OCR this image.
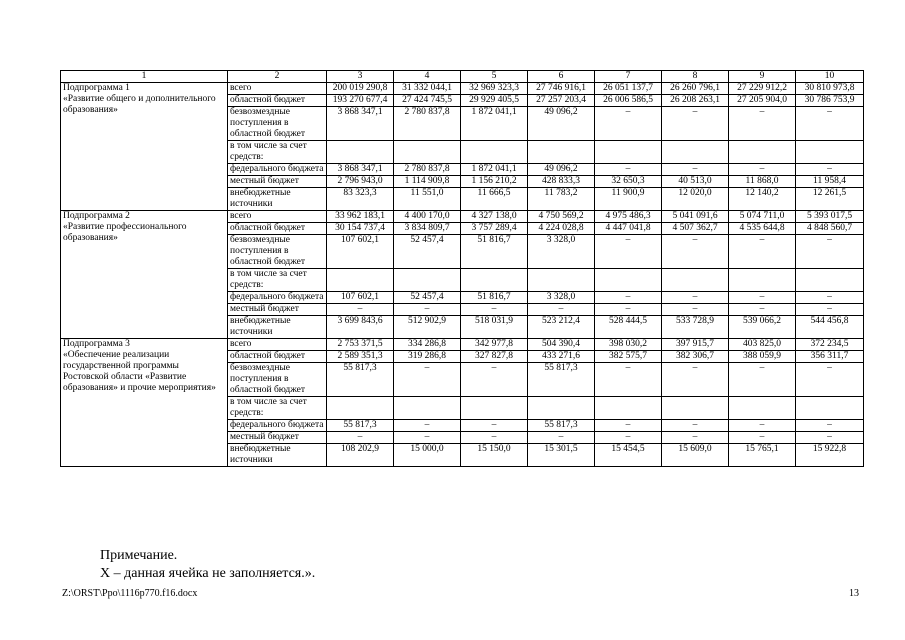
1	2	3	4	5	6	7	8	9	10
Подпрограмма 1
«Развитие общего и дополнительного образования»	всего	200 019 290,8	31 332 044,1	32 969 323,3	27 746 916,1	26 051 137,7	26 260 796,1	27 229 912,2	30 810 973,8
	областной бюджет	193 270 677,4	27 424 745,5	29 929 405,5	27 257 203,4	26 006 586,5	26 208 263,1	27 205 904,0	30 786 753,9
	безвозмездные поступления в областной бюджет	3 868 347,1	2 780 837,8	1 872 041,1	49 096,2	–	–	–	–
	в том числе за счет средств:								
	федерального бюджета	3 868 347,1	2 780 837,8	1 872 041,1	49 096,2	–	–	–	–
	местный бюджет	2 796 943,0	1 114 909,8	1 156 210,2	428 833,3	32 650,3	40 513,0	11 868,0	11 958,4
	внебюджетные источники	83 323,3	11 551,0	11 666,5	11 783,2	11 900,9	12 020,0	12 140,2	12 261,5
Подпрограмма 2
«Развитие профессионального образования»	всего	33 962 183,1	4 400 170,0	4 327 138,0	4 750 569,2	4 975 486,3	5 041 091,6	5 074 711,0	5 393 017,5
	областной бюджет	30 154 737,4	3 834 809,7	3 757 289,4	4 224 028,8	4 447 041,8	4 507 362,7	4 535 644,8	4 848 560,7
	безвозмездные поступления в областной бюджет	107 602,1	52 457,4	51 816,7	3 328,0	–	–	–	–
	в том числе за счет средств:								
	федерального бюджета	107 602,1	52 457,4	51 816,7	3 328,0	–	–	–	–
	местный бюджет	–	–	–	–	–	–	–	–
	внебюджетные источники	3 699 843,6	512 902,9	518 031,9	523 212,4	528 444,5	533 728,9	539 066,2	544 456,8
Подпрограмма 3
«Обеспечение реализации государственной программы Ростовской области «Развитие образования» и прочие мероприятия»	всего	2 753 371,5	334 286,8	342 977,8	504 390,4	398 030,2	397 915,7	403 825,0	372 234,5
	областной бюджет	2 589 351,3	319 286,8	327 827,8	433 271,6	382 575,7	382 306,7	388 059,9	356 311,7
	безвозмездные поступления в областной бюджет	55 817,3	–	–	55 817,3	–	–	–	–
	в том числе за счет средств:								
	федерального бюджета	55 817,3	–	–	55 817,3	–	–	–	–
	местный бюджет	–	–	–	–	–	–	–	–
	внебюджетные источники	108 202,9	15 000,0	15 150,0	15 301,5	15 454,5	15 609,0	15 765,1	15 922,8
Примечание.
Х – данная ячейка не заполняется.».
Z:\ORST\Ppo\1116p770.f16.docx	13
